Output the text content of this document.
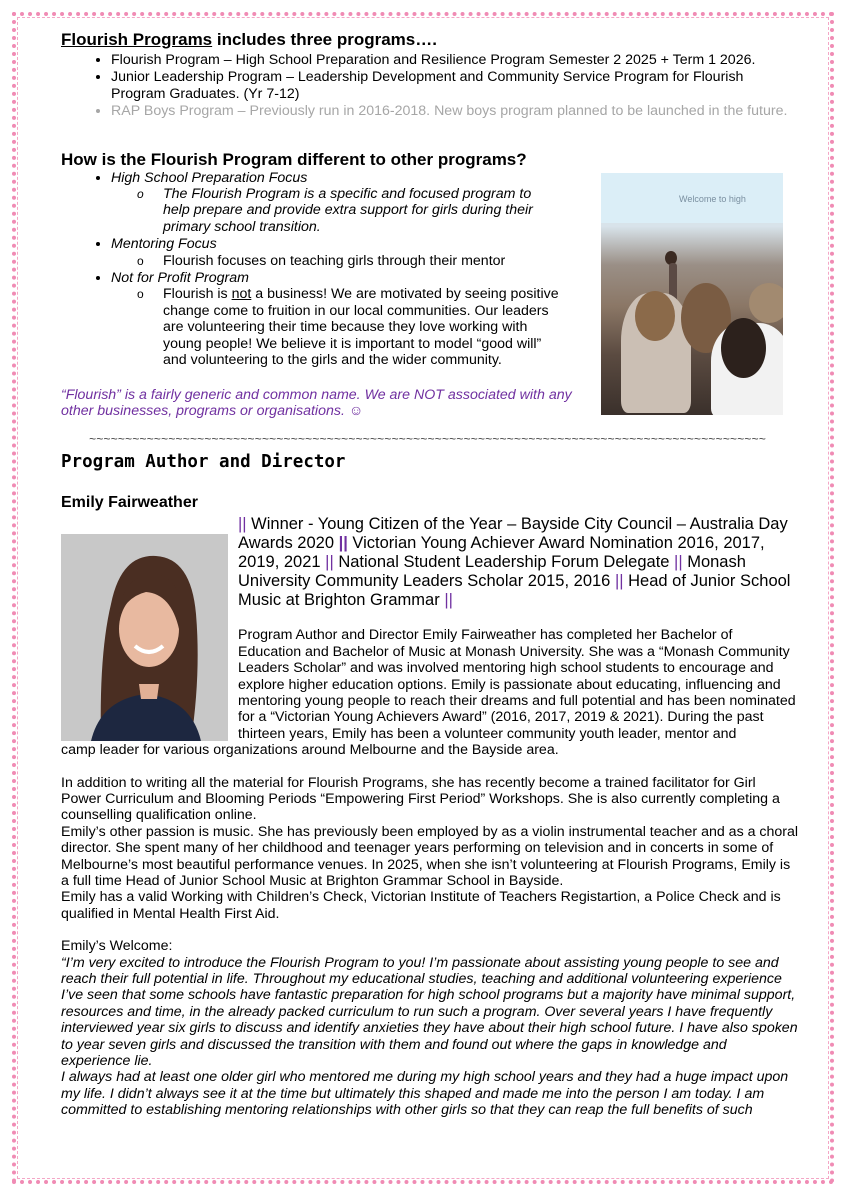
Flourish Programs includes three programs….
• Flourish Program – High School Preparation and Resilience Program Semester 2 2025 + Term 1 2026.
• Junior Leadership Program – Leadership Development and Community Service Program for Flourish Program Graduates. (Yr 7-12)
• RAP Boys Program – Previously run in 2016-2018. New boys program planned to be launched in the future.
How is the Flourish Program different to other programs?
• High School Preparation Focus
o The Flourish Program is a specific and focused program to help prepare and provide extra support for girls during their primary school transition.
• Mentoring Focus
o Flourish focuses on teaching girls through their mentor
• Not for Profit Program
o Flourish is not a business! We are motivated by seeing positive change come to fruition in our local communities. Our leaders are volunteering their time because they love working with young people! We believe it is important to model “good will” and volunteering to the girls and the wider community.
“Flourish” is a fairly generic and common name. We are NOT associated with any other businesses, programs or organisations. ☺
Welcome to high
~~~~~~~~~~~~~~~~~~~~~~~~~~~~~~~~~~~~~~~~~~~~~~~~~~~~~~~~~~~~~~~~~~~~~~~~~~~~~~~~~~~~~~~~~~~~~~
Program Author and Director
Emily Fairweather
|| Winner - Young Citizen of the Year – Bayside City Council – Australia Day Awards 2020 || Victorian Young Achiever Award Nomination 2016, 2017, 2019, 2021 || National Student Leadership Forum Delegate || Monash University Community Leaders Scholar 2015, 2016 || Head of Junior School Music at Brighton Grammar ||

Program Author and Director Emily Fairweather has completed her Bachelor of Education and Bachelor of Music at Monash University. She was a “Monash Community Leaders Scholar” and was involved mentoring high school students to encourage and explore higher education options. Emily is passionate about educating, influencing and mentoring young people to reach their dreams and full potential and has been nominated for a “Victorian Young Achievers Award” (2016, 2017, 2019 & 2021). During the past thirteen years, Emily has been a volunteer community youth leader, mentor and

camp leader for various organizations around Melbourne and the Bayside area.

In addition to writing all the material for Flourish Programs, she has recently become a trained facilitator for Girl Power Curriculum and Blooming Periods “Empowering First Period” Workshops. She is also currently completing a counselling qualification online.

Emily’s other passion is music. She has previously been employed by as a violin instrumental teacher and as a choral director. She spent many of her childhood and teenager years performing on television and in concerts in some of Melbourne’s most beautiful performance venues. In 2025, when she isn’t volunteering at Flourish Programs, Emily is a full time Head of Junior School Music at Brighton Grammar School in Bayside.

Emily has a valid Working with Children’s Check, Victorian Institute of Teachers Registartion, a Police Check and is qualified in Mental Health First Aid.

Emily’s Welcome:

“I’m very excited to introduce the Flourish Program to you! I’m passionate about assisting young people to see and reach their full potential in life. Throughout my educational studies, teaching and additional volunteering experience I’ve seen that some schools have fantastic preparation for high school programs but a majority have minimal support, resources and time, in the already packed curriculum to run such a program. Over several years I have frequently interviewed year six girls to discuss and identify anxieties they have about their high school future. I have also spoken to year seven girls and discussed the transition with them and found out where the gaps in knowledge and experience lie.

I always had at least one older girl who mentored me during my high school years and they had a huge impact upon my life. I didn’t always see it at the time but ultimately this shaped and made me into the person I am today. I am committed to establishing mentoring relationships with other girls so that they can reap the full benefits of such
